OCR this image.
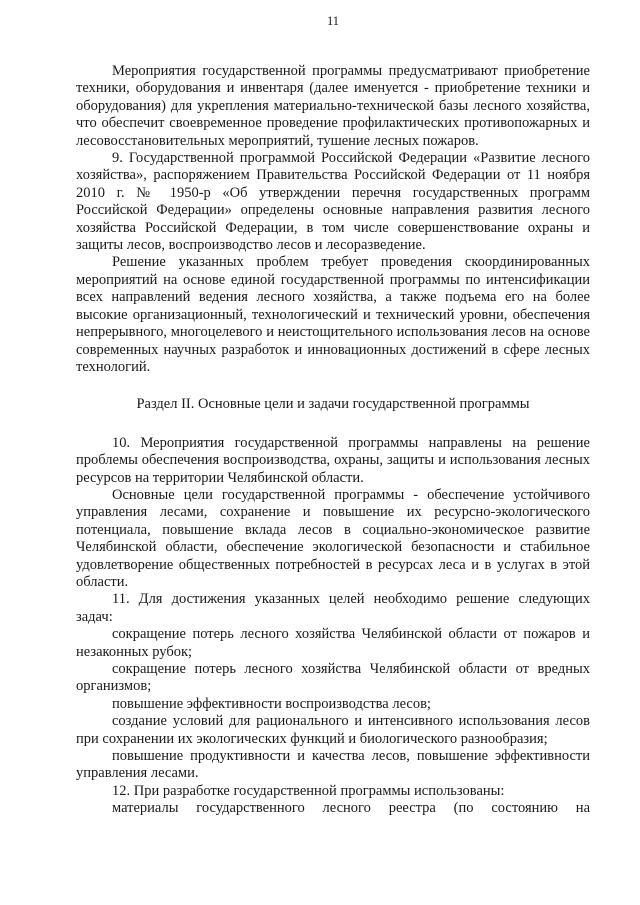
11

Мероприятия государственной программы предусматривают приобретение техники, оборудования и инвентаря (далее именуется - приобретение техники и оборудования) для укрепления материально-технической базы лесного хозяйства, что обеспечит своевременное проведение профилактических противопожарных и лесовосстановительных мероприятий, тушение лесных пожаров.

9. Государственной программой Российской Федерации «Развитие лесного хозяйства», распоряжением Правительства Российской Федерации от 11 ноября 2010 г. № 1950-р «Об утверждении перечня государственных программ Российской Федерации» определены основные направления развития лесного хозяйства Российской Федерации, в том числе совершенствование охраны и защиты лесов, воспроизводство лесов и лесоразведение.

Решение указанных проблем требует проведения скоординированных мероприятий на основе единой государственной программы по интенсификации всех направлений ведения лесного хозяйства, а также подъема его на более высокие организационный, технологический и технический уровни, обеспечения непрерывного, многоцелевого и неистощительного использования лесов на основе современных научных разработок и инновационных достижений в сфере лесных технологий.

Раздел II. Основные цели и задачи государственной программы

10. Мероприятия государственной программы направлены на решение проблемы обеспечения воспроизводства, охраны, защиты и использования лесных ресурсов на территории Челябинской области.

Основные цели государственной программы - обеспечение устойчивого управления лесами, сохранение и повышение их ресурсно-экологического потенциала, повышение вклада лесов в социально-экономическое развитие Челябинской области, обеспечение экологической безопасности и стабильное удовлетворение общественных потребностей в ресурсах леса и в услугах в этой области.

11. Для достижения указанных целей необходимо решение следующих задач:

сокращение потерь лесного хозяйства Челябинской области от пожаров и незаконных рубок;

сокращение потерь лесного хозяйства Челябинской области от вредных организмов;

повышение эффективности воспроизводства лесов;

создание условий для рационального и интенсивного использования лесов при сохранении их экологических функций и биологического разнообразия;

повышение продуктивности и качества лесов, повышение эффективности управления лесами.

12. При разработке государственной программы использованы:

материалы государственного лесного реестра (по состоянию на
